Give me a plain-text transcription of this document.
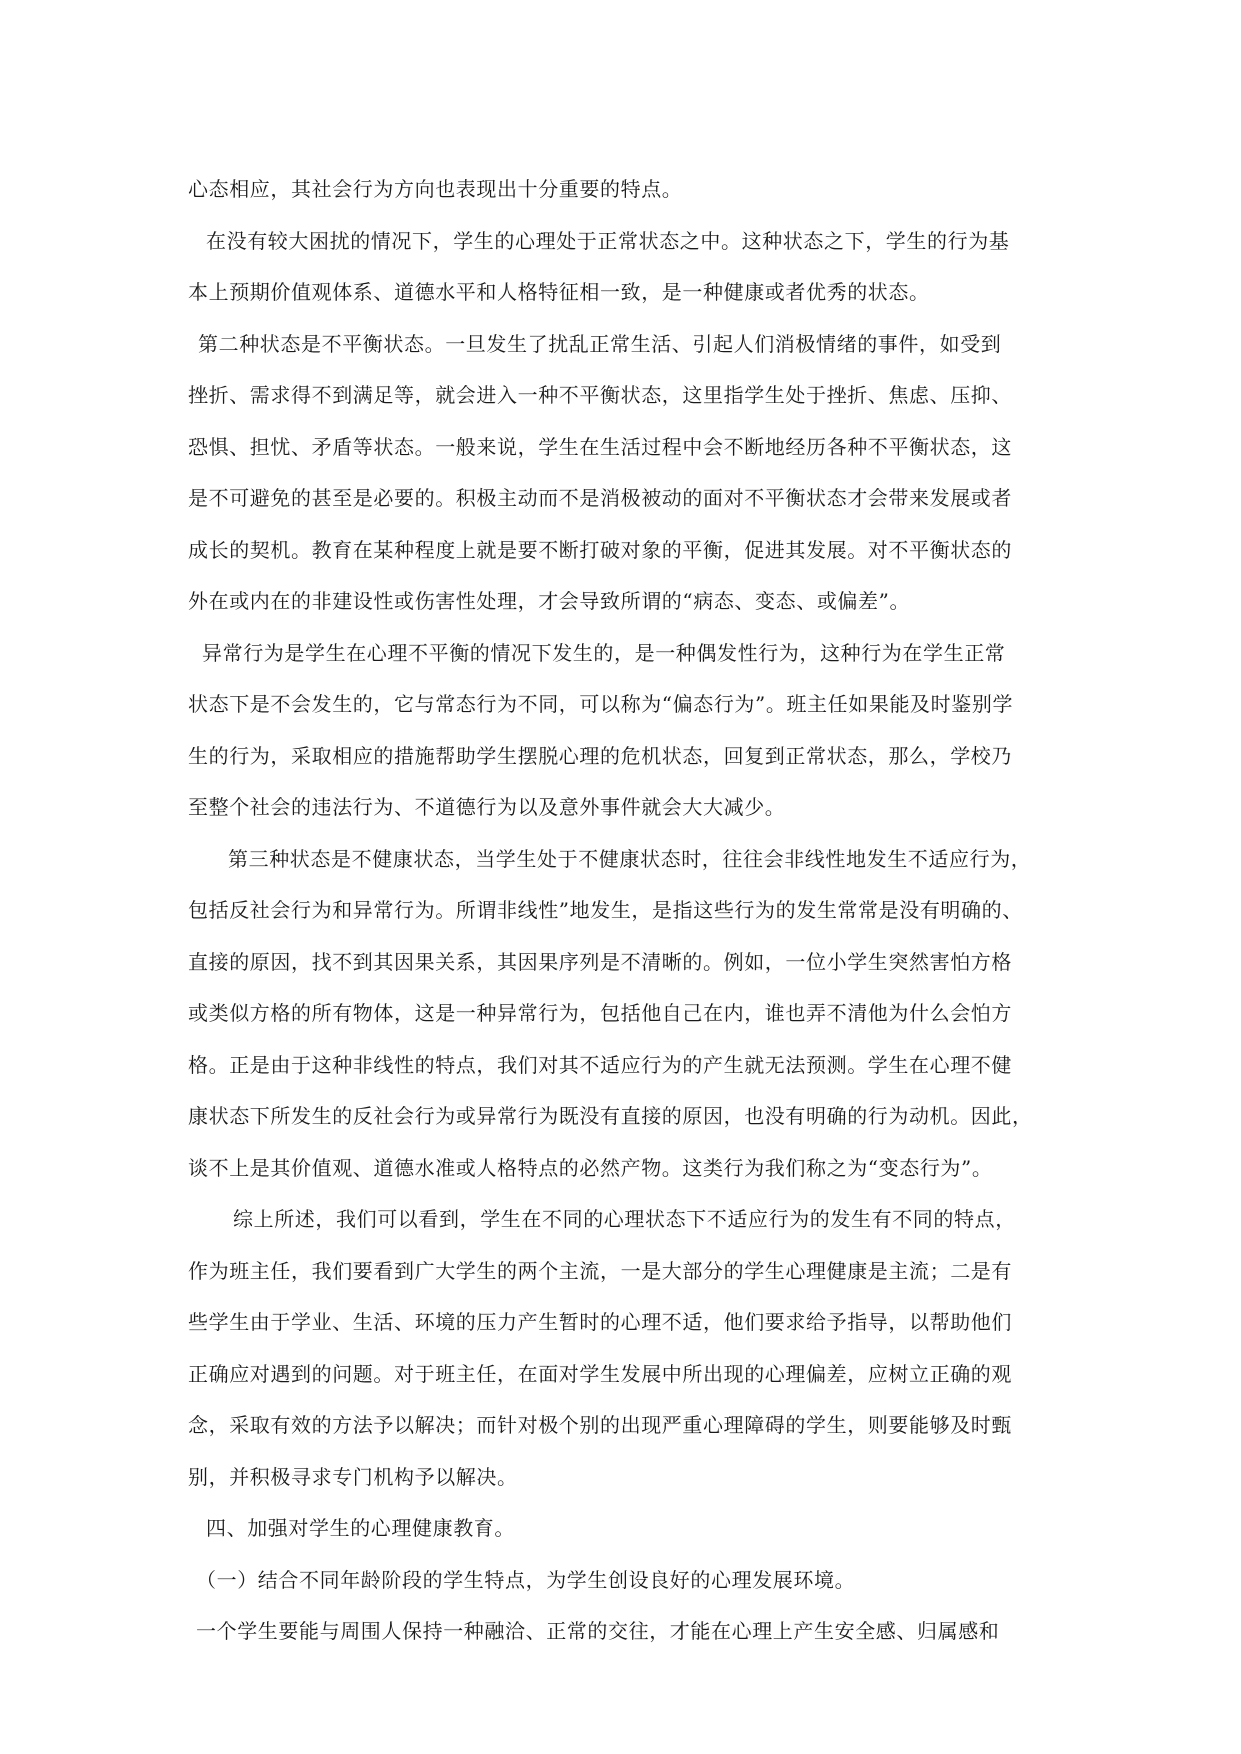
心态相应，其社会行为方向也表现出十分重要的特点。
在没有较大困扰的情况下，学生的心理处于正常状态之中。这种状态之下，学生的行为基
本上预期价值观体系、道德水平和人格特征相一致，是一种健康或者优秀的状态。
第二种状态是不平衡状态。一旦发生了扰乱正常生活、引起人们消极情绪的事件，如受到
挫折、需求得不到满足等，就会进入一种不平衡状态，这里指学生处于挫折、焦虑、压抑、
恐惧、担忧、矛盾等状态。一般来说，学生在生活过程中会不断地经历各种不平衡状态，这
是不可避免的甚至是必要的。积极主动而不是消极被动的面对不平衡状态才会带来发展或者
成长的契机。教育在某种程度上就是要不断打破对象的平衡，促进其发展。对不平衡状态的
外在或内在的非建设性或伤害性处理，才会导致所谓的“病态、变态、或偏差”。
异常行为是学生在心理不平衡的情况下发生的，是一种偶发性行为，这种行为在学生正常
状态下是不会发生的，它与常态行为不同，可以称为“偏态行为”。班主任如果能及时鉴别学
生的行为，采取相应的措施帮助学生摆脱心理的危机状态，回复到正常状态，那么，学校乃
至整个社会的违法行为、不道德行为以及意外事件就会大大减少。
第三种状态是不健康状态，当学生处于不健康状态时，往往会非线性地发生不适应行为，
包括反社会行为和异常行为。所谓非线性”地发生，是指这些行为的发生常常是没有明确的、
直接的原因，找不到其因果关系，其因果序列是不清晰的。例如，一位小学生突然害怕方格
或类似方格的所有物体，这是一种异常行为，包括他自己在内，谁也弄不清他为什么会怕方
格。正是由于这种非线性的特点，我们对其不适应行为的产生就无法预测。学生在心理不健
康状态下所发生的反社会行为或异常行为既没有直接的原因，也没有明确的行为动机。因此，
谈不上是其价值观、道德水准或人格特点的必然产物。这类行为我们称之为“变态行为”。
综上所述，我们可以看到，学生在不同的心理状态下不适应行为的发生有不同的特点，
作为班主任，我们要看到广大学生的两个主流，一是大部分的学生心理健康是主流；二是有
些学生由于学业、生活、环境的压力产生暂时的心理不适，他们要求给予指导，以帮助他们
正确应对遇到的问题。对于班主任，在面对学生发展中所出现的心理偏差，应树立正确的观
念，采取有效的方法予以解决；而针对极个别的出现严重心理障碍的学生，则要能够及时甄
别，并积极寻求专门机构予以解决。
四、加强对学生的心理健康教育。
（一）结合不同年龄阶段的学生特点，为学生创设良好的心理发展环境。
一个学生要能与周围人保持一种融洽、正常的交往，才能在心理上产生安全感、归属感和
